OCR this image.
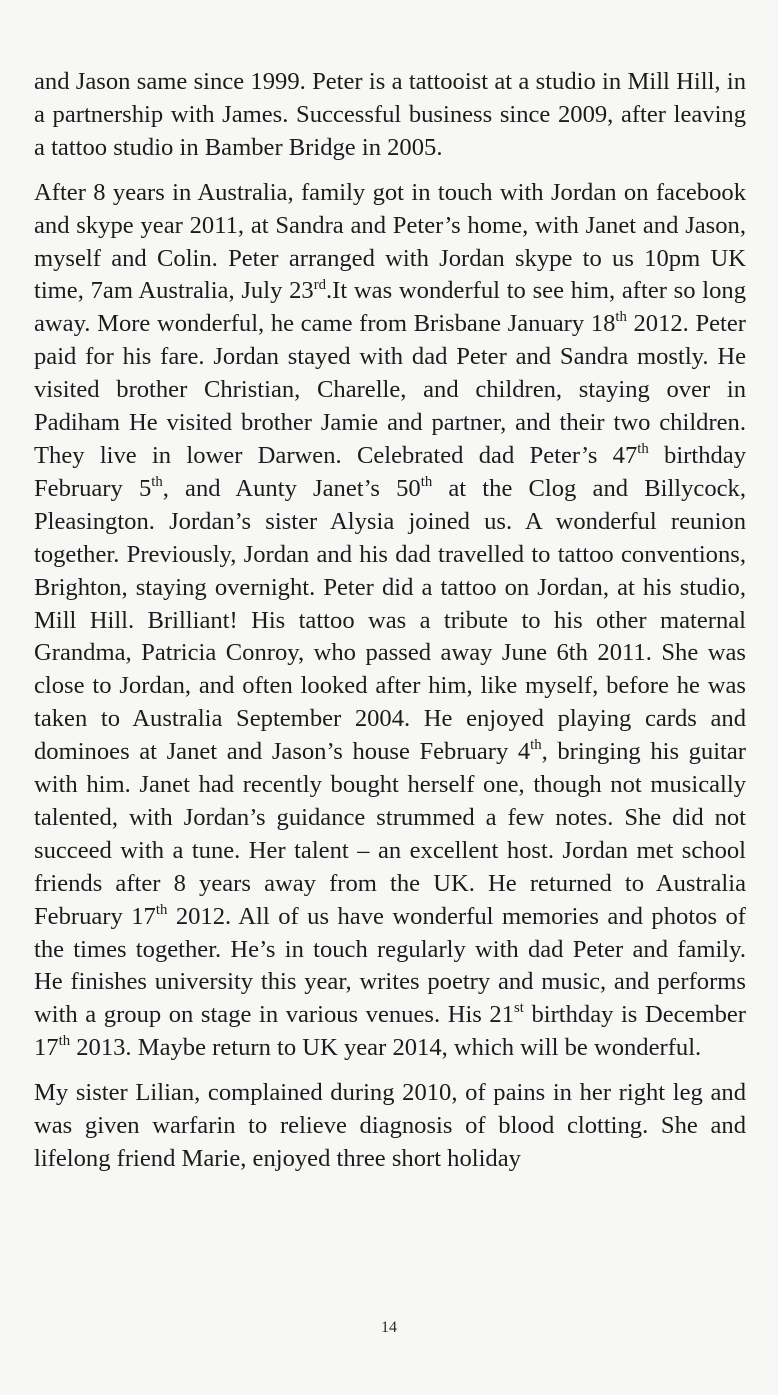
and Jason same since 1999. Peter is a tattooist at a studio in Mill Hill, in a partnership with James. Successful business since 2009, after leaving a tattoo studio in Bamber Bridge in 2005.

After 8 years in Australia, family got in touch with Jordan on facebook and skype year 2011, at Sandra and Peter’s home, with Janet and Jason, myself and Colin. Peter arranged with Jordan skype to us 10pm UK time, 7am Australia, July 23rd.It was wonderful to see him, after so long away. More wonderful, he came from Brisbane January 18th 2012. Peter paid for his fare. Jordan stayed with dad Peter and Sandra mostly. He visited brother Christian, Charelle, and children, staying over in Padiham He visited brother Jamie and partner, and their two children. They live in lower Darwen. Celebrated dad Peter’s 47th birthday February 5th, and Aunty Janet’s 50th at the Clog and Billycock, Pleasington. Jordan’s sister Alysia joined us. A wonderful reunion together. Previously, Jordan and his dad travelled to tattoo conventions, Brighton, staying overnight. Peter did a tattoo on Jordan, at his studio, Mill Hill. Brilliant! His tattoo was a tribute to his other maternal Grandma, Patricia Conroy, who passed away June 6th 2011. She was close to Jordan, and often looked after him, like myself, before he was taken to Australia September 2004. He enjoyed playing cards and dominoes at Janet and Jason’s house February 4th, bringing his guitar with him. Janet had recently bought herself one, though not musically talented, with Jordan’s guidance strummed a few notes. She did not succeed with a tune. Her talent – an excellent host. Jordan met school friends after 8 years away from the UK. He returned to Australia February 17th 2012. All of us have wonderful memories and photos of the times together. He’s in touch regularly with dad Peter and family. He finishes university this year, writes poetry and music, and performs with a group on stage in various venues. His 21st birthday is December 17th 2013. Maybe return to UK year 2014, which will be wonderful.

My sister Lilian, complained during 2010, of pains in her right leg and was given warfarin to relieve diagnosis of blood clotting. She and lifelong friend Marie, enjoyed three short holiday

14
